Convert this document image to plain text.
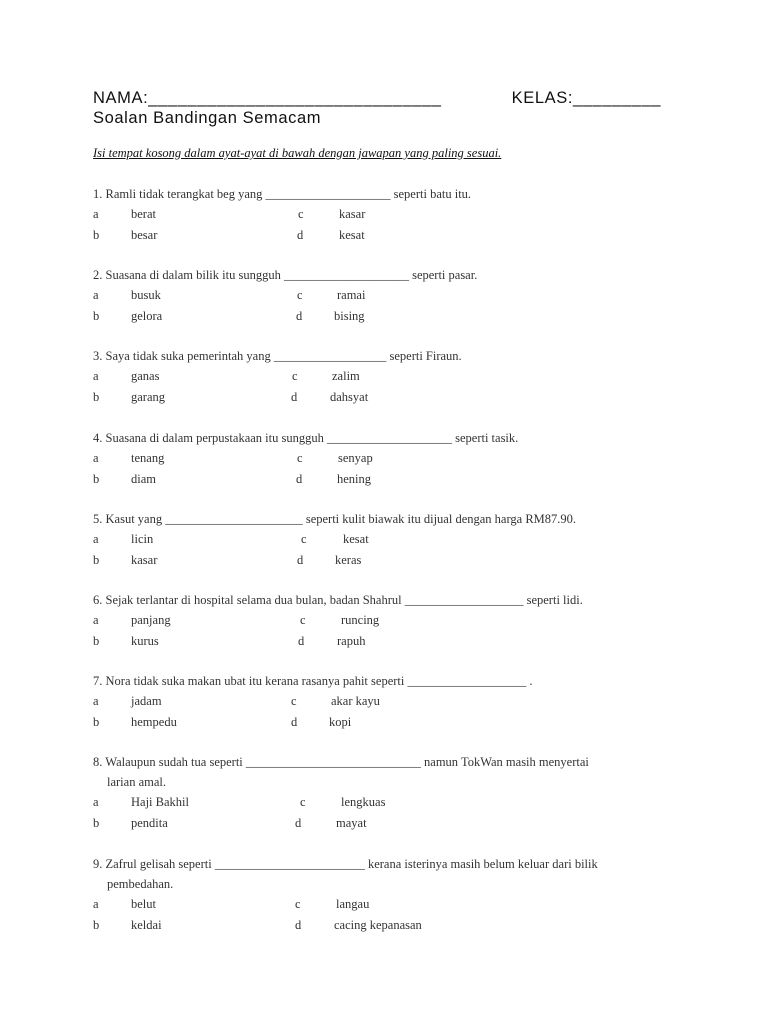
NAMA:______________________________	KELAS:_________
Soalan Bandingan Semacam
Isi tempat kosong dalam ayat-ayat di bawah dengan jawapan yang paling sesuai.
1. Ramli tidak terangkat beg yang ____________________ seperti batu itu.
a	berat	c	kasar
b	besar	d	kesat
2. Suasana di dalam bilik itu sungguh ____________________ seperti pasar.
a	busuk	c	ramai
b	gelora	d	bising
3. Saya tidak suka pemerintah yang __________________ seperti Firaun.
a	ganas	c	zalim
b	garang	d	dahsyat
4. Suasana di dalam perpustakaan itu sungguh ____________________ seperti tasik.
a	tenang	c	senyap
b	diam	d	hening
5. Kasut yang ______________________ seperti kulit biawak itu dijual dengan harga RM87.90.
a	licin	c	kesat
b	kasar	d	keras
6. Sejak terlantar di hospital selama dua bulan, badan Shahrul ___________________ seperti lidi.
a	panjang	c	runcing
b	kurus	d	rapuh
7. Nora tidak suka makan ubat itu kerana rasanya pahit seperti ___________________ .
a	jadam	c	akar kayu
b	hempedu	d	kopi
8. Walaupun sudah tua seperti ____________________________ namun TokWan masih menyertai
larian amal.
a	Haji Bakhil	c	lengkuas
b	pendita	d	mayat
9. Zafrul gelisah seperti ________________________ kerana isterinya masih belum keluar dari bilik
pembedahan.
a	belut	c	langau
b	keldai	d	cacing kepanasan
